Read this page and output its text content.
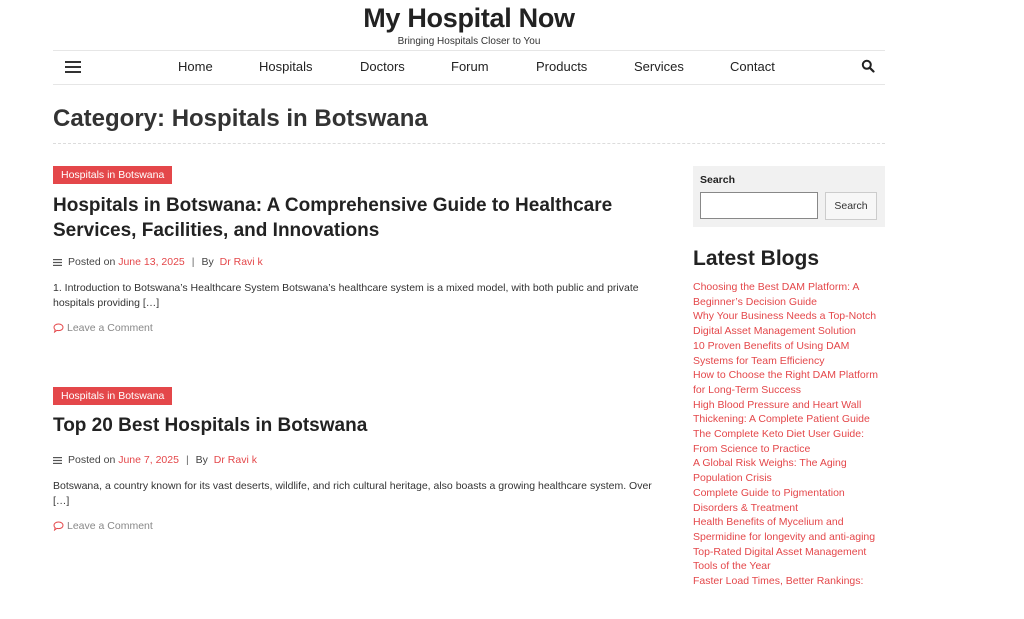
My Hospital Now
Bringing Hospitals Closer to You
Home	Hospitals	Doctors	Forum	Products	Services	Contact
Category: Hospitals in Botswana
Hospitals in Botswana
Hospitals in Botswana: A Comprehensive Guide to Healthcare Services, Facilities, and Innovations
Posted on
June 13, 2025 | By
Dr Ravi k

1. Introduction to Botswana’s Healthcare System Botswana’s healthcare system is a mixed model, with both public and private hospitals providing […]

Leave a Comment
Hospitals in Botswana
Top 20 Best Hospitals in Botswana
Posted on
June 7, 2025 | By
Dr Ravi k

Botswana, a country known for its vast deserts, wildlife, and rich cultural heritage, also boasts a growing healthcare system. Over […]

Leave a Comment
Search
Search
Latest Blogs
Choosing the Best DAM Platform: A Beginner’s Decision Guide
Why Your Business Needs a Top-Notch Digital Asset Management Solution
10 Proven Benefits of Using DAM Systems for Team Efficiency
How to Choose the Right DAM Platform for Long-Term Success
High Blood Pressure and Heart Wall Thickening: A Complete Patient Guide
The Complete Keto Diet User Guide: From Science to Practice
A Global Risk Weighs: The Aging Population Crisis
Complete Guide to Pigmentation Disorders & Treatment
Health Benefits of Mycelium and Spermidine for longevity and anti-aging
Top-Rated Digital Asset Management Tools of the Year
Faster Load Times, Better Rankings:
